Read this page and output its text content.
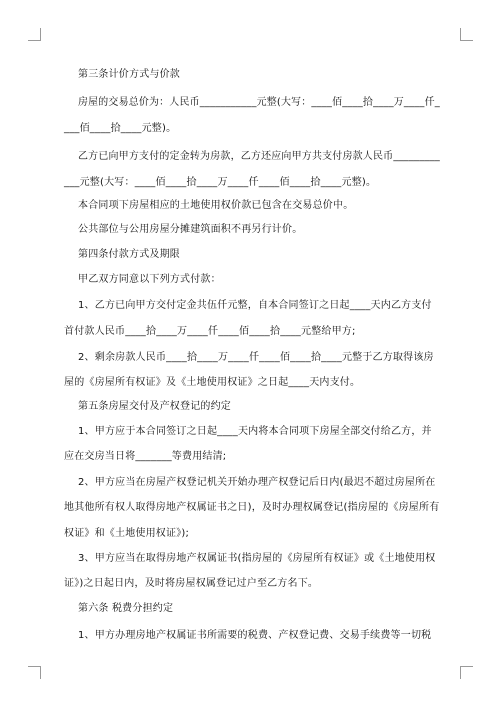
第三条计价方式与价款
房屋的交易总价为：人民币___________元整(大写：____佰____拾____万____仟_
___佰____拾____元整)。
乙方已向甲方支付的定金转为房款，乙方还应向甲方共支付房款人民币_________
___元整(大写：____佰____拾____万____仟____佰____拾____元整)。
本合同项下房屋相应的土地使用权价款已包含在交易总价中。
公共部位与公用房屋分摊建筑面积不再另行计价。
第四条付款方式及期限
甲乙双方同意以下列方式付款：
1、乙方已向甲方交付定金共伍仟元整，自本合同签订之日起____天内乙方支付
首付款人民币____拾____万____仟____佰____拾____元整给甲方;
2、剩余房款人民币____拾____万____仟____佰____拾____元整于乙方取得该房
屋的《房屋所有权证》及《土地使用权证》之日起____天内支付。
第五条房屋交付及产权登记的约定
1、甲方应于本合同签订之日起____天内将本合同项下房屋全部交付给乙方，并
应在交房当日将_______等费用结清;
2、甲方应当在房屋产权登记机关开始办理产权登记后日内(最迟不超过房屋所在
地其他所有权人取得房地产权属证书之日)，及时办理权属登记(指房屋的《房屋所有
权证》和《土地使用权证》);
3、甲方应当在取得房地产权属证书(指房屋的《房屋所有权证》或《土地使用权
证》)之日起日内，及时将房屋权属登记过户至乙方名下。
第六条 税费分担约定
1、甲方办理房地产权属证书所需要的税费、产权登记费、交易手续费等一切税
